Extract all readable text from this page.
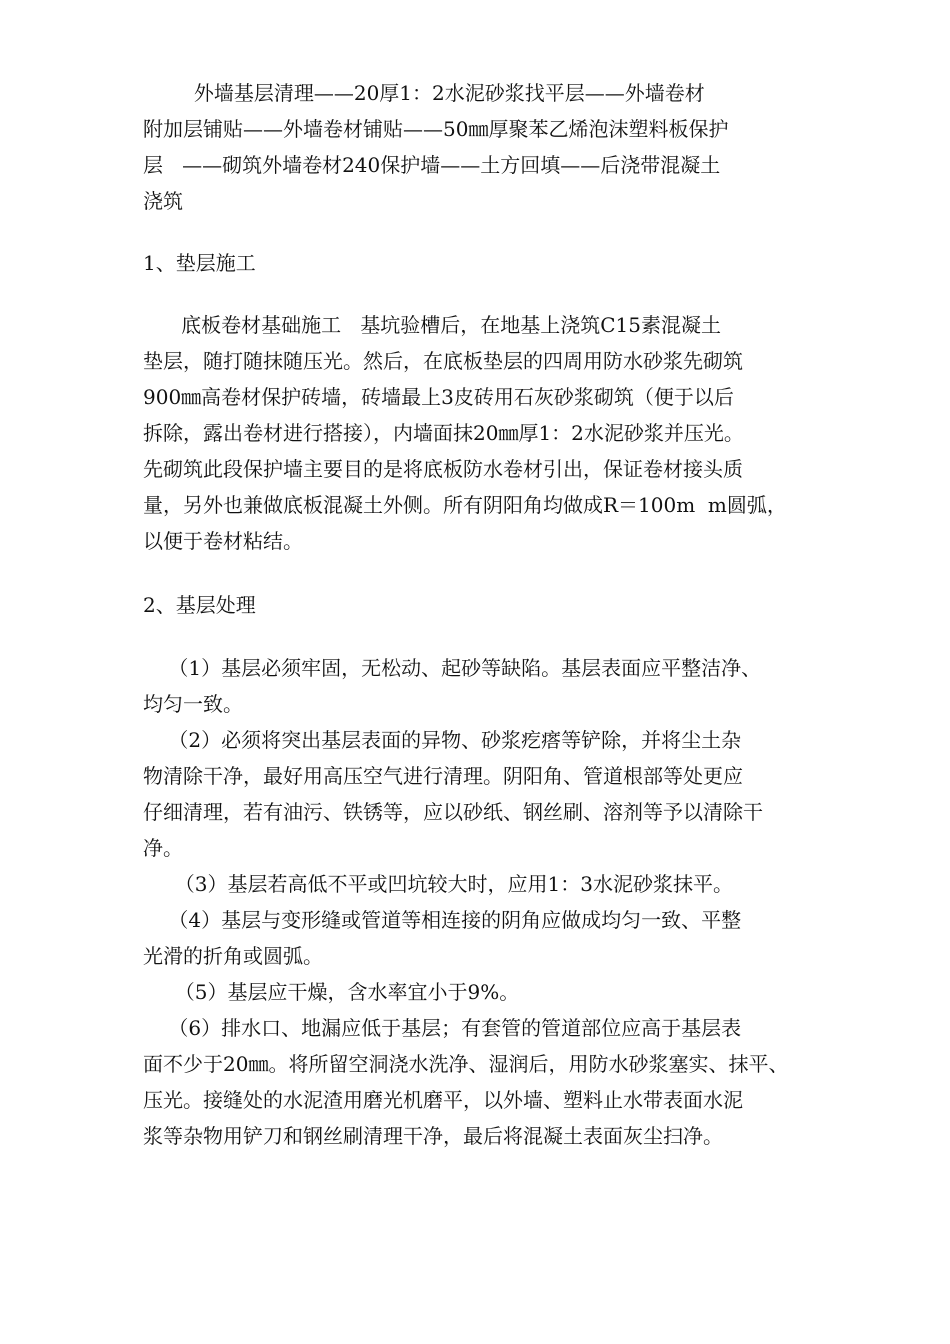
外墙基层清理——20厚1：2水泥砂浆找平层——外墙卷材
附加层铺贴——外墙卷材铺贴——50㎜厚聚苯乙烯泡沫塑料板保护
层   ——砌筑外墙卷材240保护墙——土方回填——后浇带混凝土
浇筑
1、垫层施工
底板卷材基础施工   基坑验槽后，在地基上浇筑C15素混凝土
垫层，随打随抹随压光。然后，在底板垫层的四周用防水砂浆先砌筑
900㎜高卷材保护砖墙，砖墙最上3皮砖用石灰砂浆砌筑（便于以后
拆除，露出卷材进行搭接），内墙面抹20㎜厚1：2水泥砂浆并压光。
先砌筑此段保护墙主要目的是将底板防水卷材引出，保证卷材接头质
量，另外也兼做底板混凝土外侧。所有阴阳角均做成R＝100m  m圆弧，
以便于卷材粘结。
2、基层处理
（1）基层必须牢固，无松动、起砂等缺陷。基层表面应平整洁净、
均匀一致。
（2）必须将突出基层表面的异物、砂浆疙瘩等铲除，并将尘土杂
物清除干净，最好用高压空气进行清理。阴阳角、管道根部等处更应
仔细清理，若有油污、铁锈等，应以砂纸、钢丝刷、溶剂等予以清除干
净。
（3）基层若高低不平或凹坑较大时，应用1：3水泥砂浆抹平。
（4）基层与变形缝或管道等相连接的阴角应做成均匀一致、平整
光滑的折角或圆弧。
（5）基层应干燥，含水率宜小于9%。
（6）排水口、地漏应低于基层；有套管的管道部位应高于基层表
面不少于20㎜。将所留空洞浇水洗净、湿润后，用防水砂浆塞实、抹平、
压光。接缝处的水泥渣用磨光机磨平，以外墙、塑料止水带表面水泥
浆等杂物用铲刀和钢丝刷清理干净，最后将混凝土表面灰尘扫净。
